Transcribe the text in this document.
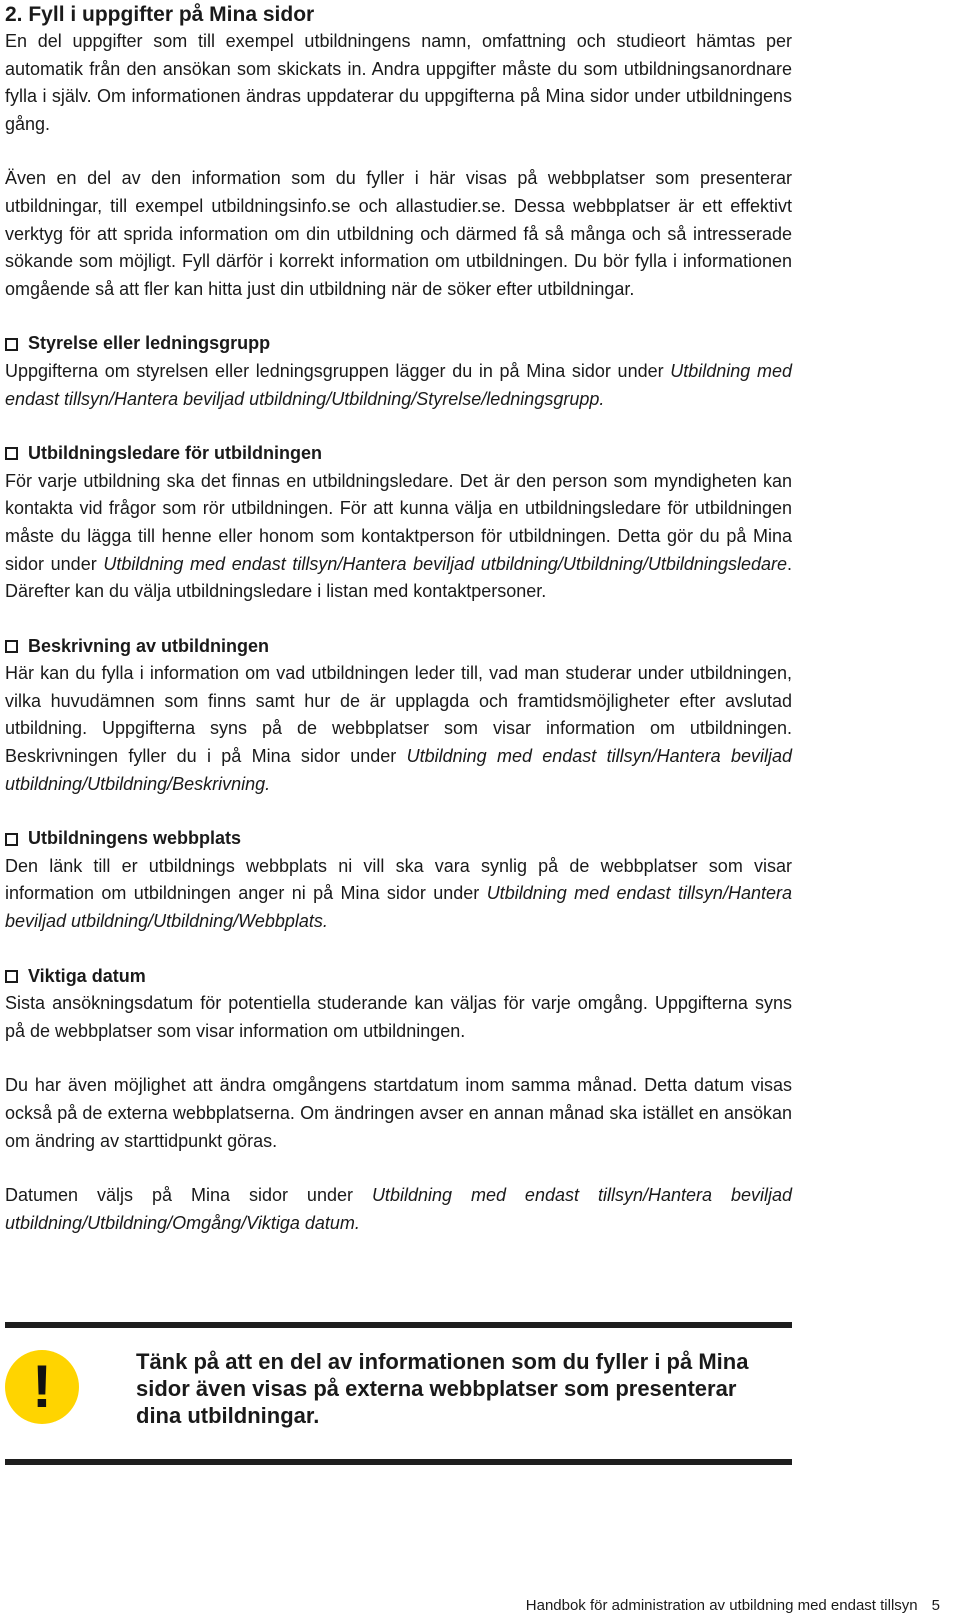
2. Fyll i uppgifter på Mina sidor

En del uppgifter som till exempel utbildningens namn, omfattning och studieort hämtas per automatik från den ansökan som skickats in. Andra uppgifter måste du som utbildningsanordnare fylla i själv. Om informationen ändras uppdaterar du uppgifterna på Mina sidor under utbildningens gång.

Även en del av den information som du fyller i här visas på webbplatser som presenterar utbildningar, till exempel utbildningsinfo.se och allastudier.se. Dessa webbplatser är ett effektivt verktyg för att sprida information om din utbildning och därmed få så många och så intresserade sökande som möjligt. Fyll därför i korrekt information om utbildningen. Du bör fylla i informationen omgående så att fler kan hitta just din utbildning när de söker efter utbildningar.

Styrelse eller ledningsgrupp

Uppgifterna om styrelsen eller ledningsgruppen lägger du in på Mina sidor under Utbildning med endast tillsyn/Hantera beviljad utbildning/Utbildning/Styrelse/ledningsgrupp.

Utbildningsledare för utbildningen

För varje utbildning ska det finnas en utbildningsledare. Det är den person som myndigheten kan kontakta vid frågor som rör utbildningen. För att kunna välja en utbildningsledare för utbildningen måste du lägga till henne eller honom som kontaktperson för utbildningen. Detta gör du på Mina sidor under Utbildning med endast tillsyn/Hantera beviljad utbildning/Utbildning/Utbildningsledare. Därefter kan du välja utbildningsledare i listan med kontaktpersoner.

Beskrivning av utbildningen

Här kan du fylla i information om vad utbildningen leder till, vad man studerar under utbildningen, vilka huvudämnen som finns samt hur de är upplagda och framtidsmöjligheter efter avslutad utbildning. Uppgifterna syns på de webbplatser som visar information om utbildningen. Beskrivningen fyller du i på Mina sidor under Utbildning med endast tillsyn/Hantera beviljad utbildning/Utbildning/Beskrivning.

Utbildningens webbplats

Den länk till er utbildnings webbplats ni vill ska vara synlig på de webbplatser som visar information om utbildningen anger ni på Mina sidor under Utbildning med endast tillsyn/Hantera beviljad utbildning/Utbildning/Webbplats.

Viktiga datum

Sista ansökningsdatum för potentiella studerande kan väljas för varje omgång. Uppgifterna syns på de webbplatser som visar information om utbildningen.

Du har även möjlighet att ändra omgångens startdatum inom samma månad. Detta datum visas också på de externa webbplatserna. Om ändringen avser en annan månad ska istället en ansökan om ändring av starttidpunkt göras.

Datumen väljs på Mina sidor under Utbildning med endast tillsyn/Hantera beviljad utbildning/Utbildning/Omgång/Viktiga datum.

!	Tänk på att en del av informationen som du fyller i på Mina sidor även visas på externa webbplatser som presenterar dina utbildningar.
Handbok för administration av utbildning med endast tillsyn 5
